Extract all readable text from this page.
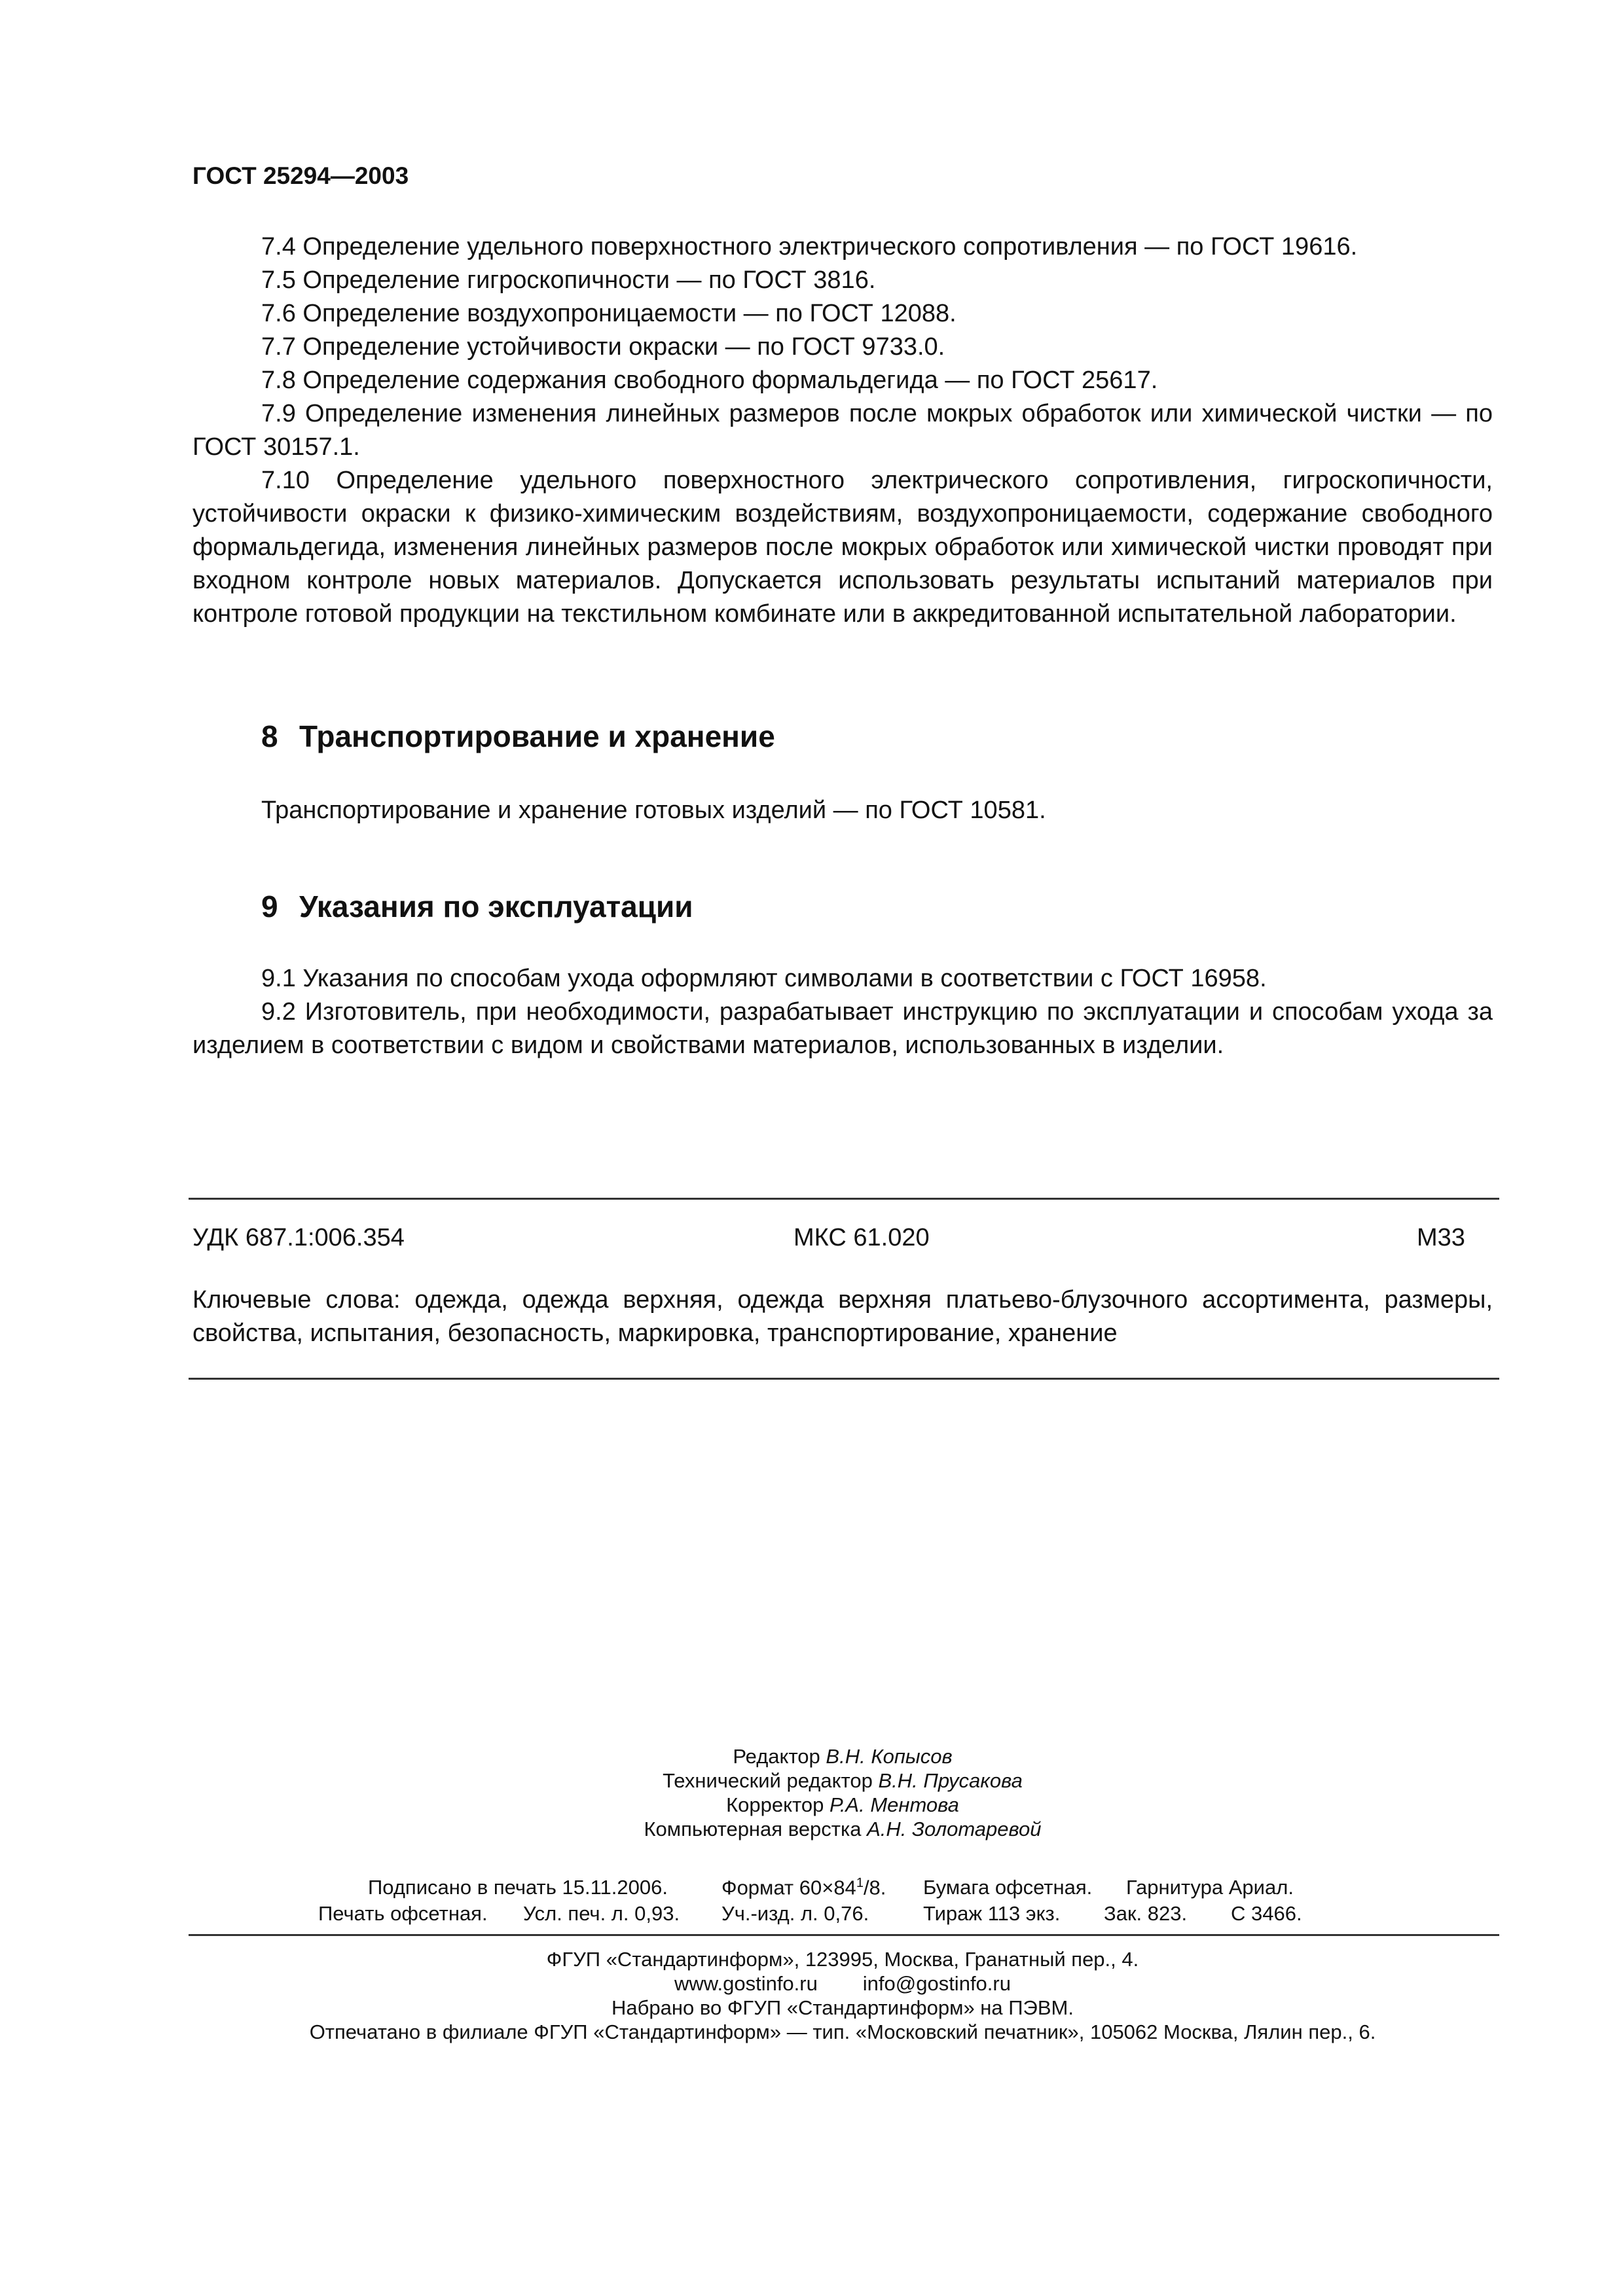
ГОСТ 25294—2003
7.4 Определение удельного поверхностного электрического сопротивления — по ГОСТ 19616.
7.5 Определение гигроскопичности — по ГОСТ 3816.
7.6 Определение воздухопроницаемости — по ГОСТ 12088.
7.7 Определение устойчивости окраски — по ГОСТ 9733.0.
7.8 Определение содержания свободного формальдегида — по ГОСТ 25617.
7.9 Определение изменения линейных размеров после мокрых обработок или химической чистки — по ГОСТ 30157.1.
7.10 Определение удельного поверхностного электрического сопротивления, гигроскопичности, устойчивости окраски к физико-химическим воздействиям, воздухопроницаемости, содержание свободного формальдегида, изменения линейных размеров после мокрых обработок или химической чистки проводят при входном контроле новых материалов. Допускается использовать результаты испытаний материалов при контроле готовой продукции на текстильном комбинате или в аккредитованной испытательной лаборатории.
8 Транспортирование и хранение
Транспортирование и хранение готовых изделий — по ГОСТ 10581.
9 Указания по эксплуатации
9.1 Указания по способам ухода оформляют символами в соответствии с ГОСТ 16958.
9.2 Изготовитель, при необходимости, разрабатывает инструкцию по эксплуатации и способам ухода за изделием в соответствии с видом и свойствами материалов, использованных в изделии.
УДК 687.1:006.354	МКС 61.020	М33
Ключевые слова: одежда, одежда верхняя, одежда верхняя платьево-блузочного ассортимента, размеры, свойства, испытания, безопасность, маркировка, транспортирование, хранение
Редактор В.Н. Копысов
Технический редактор В.Н. Прусакова
Корректор Р.А. Ментова
Компьютерная верстка А.Н. Золотаревой
Подписано в печать 15.11.2006.	Формат $60\times 84^1/8$. Бумага офсетная. Гарнитура Ариал.
Печать офсетная. Усл. печ. л. 0,93. Уч.-изд. л. 0,76.	Тираж 113 экз. Зак. 823. С 3466.
ФГУП «Стандартинформ», 123995, Москва, Гранатный пер., 4.
www.gostinfo.ru info@gostinfo.ru
Набрано во ФГУП «Стандартинформ» на ПЭВМ.
Отпечатано в филиале ФГУП «Стандартинформ» — тип. «Московский печатник», 105062 Москва, Лялин пер., 6.
